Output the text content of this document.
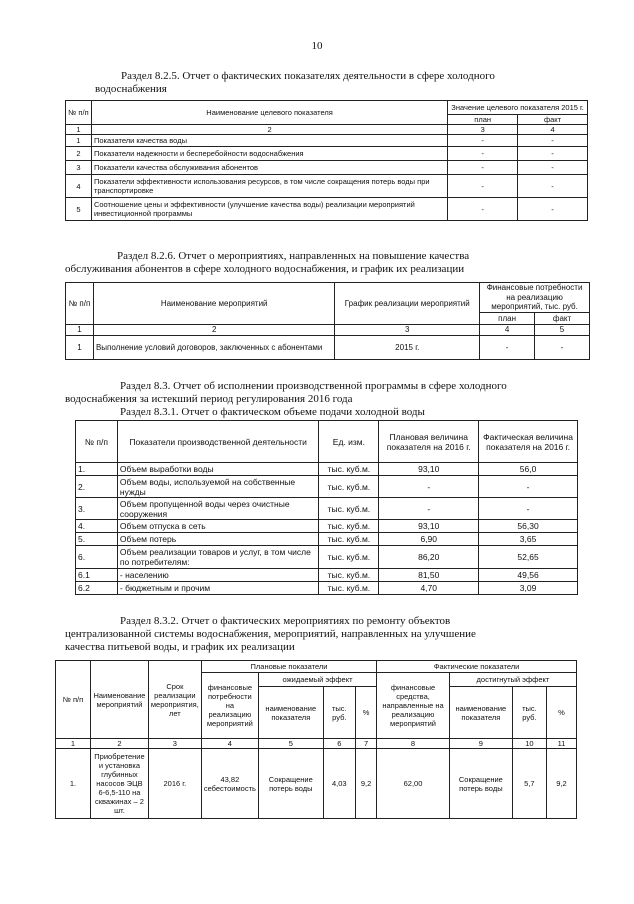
10
Раздел 8.2.5. Отчет о фактических показателях деятельности в сфере холодного
водоснабжения
№ п/п	Наименование целевого показателя	Значение целевого показателя 2015 г.	
		план	факт
1	2	3	4
1	Показатели качества воды	-	-
2	Показатели надежности и бесперебойности водоснабжения	-	-
3	Показатели качества обслуживания абонентов	-	-
4	Показатели эффективности использования ресурсов, в том числе сокращения потерь воды при транспортировке	-	-
5	Соотношение цены и эффективности (улучшение качества воды) реализации мероприятий инвестиционной программы	-	-
Раздел 8.2.6. Отчет о мероприятиях, направленных на повышение качества
обслуживания абонентов в сфере холодного водоснабжения, и график их реализации
№ п/п	Наименование мероприятий	График реализации мероприятий	Финансовые потребности на реализацию мероприятий, тыс. руб.	
			план	факт
1	2	3	4	5
1	Выполнение условий договоров, заключенных с абонентами	2015 г.	-	-
Раздел 8.3. Отчет об исполнении производственной программы в сфере холодного
водоснабжения за истекший период регулирования 2016 года
Раздел 8.3.1. Отчет о фактическом объеме подачи холодной воды
№ п/п	Показатели производственной деятельности	Ед. изм.	Плановая величина показателя на 2016 г.	Фактическая величина показателя на 2016 г.
1.	Объем выработки воды	тыс. куб.м.	93,10	56,0
2.	Объем воды, используемой на собственные нужды	тыс. куб.м.	-	-
3.	Объем пропущенной воды через очистные сооружения	тыс. куб.м.	-	-
4.	Объем отпуска в сеть	тыс. куб.м.	93,10	56,30
5.	Объем потерь	тыс. куб.м.	6,90	3,65
6.	Объем реализации товаров и услуг, в том числе по потребителям:	тыс. куб.м.	86,20	52,65
6.1	- населению	тыс. куб.м.	81,50	49,56
6.2	- бюджетным и прочим	тыс. куб.м.	4,70	3,09
Раздел 8.3.2. Отчет о фактических мероприятиях по ремонту объектов
централизованной системы водоснабжения, мероприятий, направленных на улучшение
качества питьевой воды, и график их реализации
№ п/п	Наименование мероприятий	Срок реализации мероприятия, лет	Плановые показатели				Фактические показатели			
			финансовые потребности на реализацию мероприятий	ожидаемый эффект			финансовые средства, направленные на реализацию мероприятий	достигнутый эффект		
				наименование показателя	тыс. руб.	%		наименование показателя	тыс. руб.	%
1	2	3	4	5	6	7	8	9	10	11
1.	Приобретение и установка глубинных насосов ЭЦВ 6-6,5-110 на скважинах – 2 шт.	2016 г.	43,82 себестоимость	Сокращение потерь воды	4,03	9,2	62,00	Сокращение потерь воды	5,7	9,2
